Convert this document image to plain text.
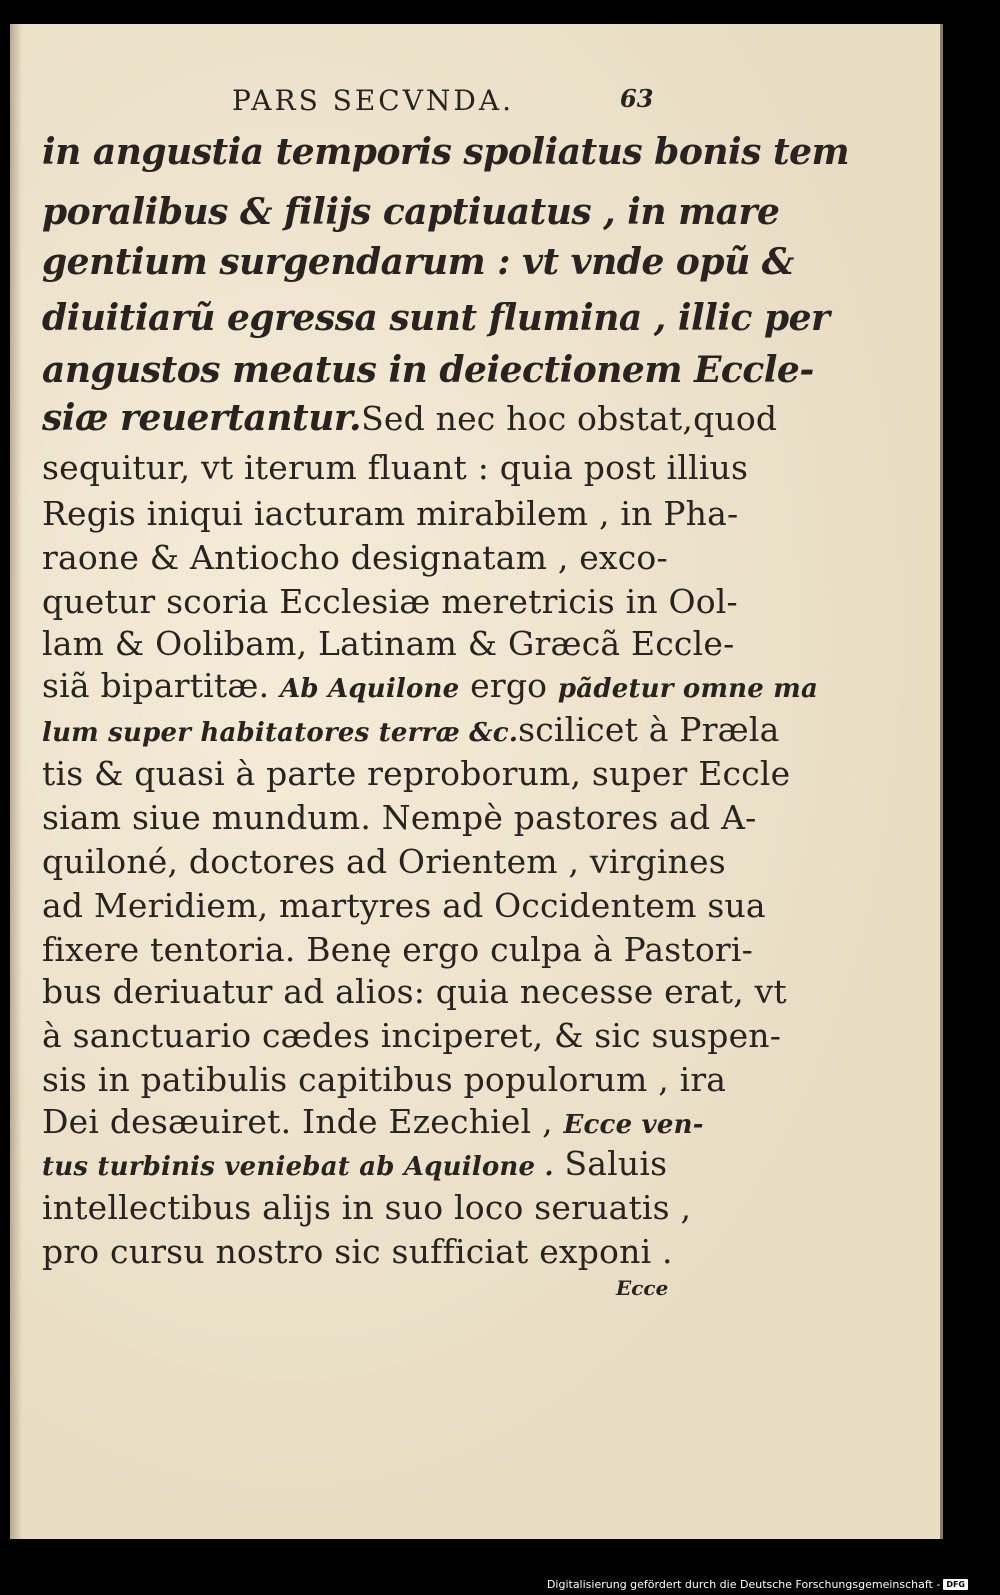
PARS SECVNDA.	63
in angustia temporis spoliatus bonis tem
poralibus & filijs captiuatus , in mare
gentium surgendarum : vt vnde opũ &
diuitiarũ egressa sunt flumina , illic per
angustos meatus in deiectionem Eccle-
siæ reuertantur.Sed nec hoc obstat,quod
sequitur, vt iterum fluant : quia post illius
Regis iniqui iacturam mirabilem , in Pha-
raone & Antiocho designatam , exco-
quetur scoria Ecclesiæ meretricis in Ool-
lam & Oolibam, Latinam & Græcã Eccle-
siã bipartitæ. Ab Aquilone ergo pãdetur omne ma
lum super habitatores terræ &c.scilicet à Præla
tis & quasi à parte reproborum, super Eccle
siam siue mundum. Nempè pastores ad A-
quiloné, doctores ad Orientem , virgines
ad Meridiem, martyres ad Occidentem sua
fixere tentoria. Benę ergo culpa à Pastori-
bus deriuatur ad alios: quia necesse erat, vt
à sanctuario cædes inciperet, & sic suspen-
sis in patibulis capitibus populorum , ira
Dei desæuiret. Inde Ezechiel , Ecce ven-
tus turbinis veniebat ab Aquilone . Saluis
intellectibus alijs in suo loco seruatis ,
pro cursu nostro sic sufficiat exponi .
Ecce
Digitalisierung gefördert durch die Deutsche Forschungsgemeinschaft - DFG
